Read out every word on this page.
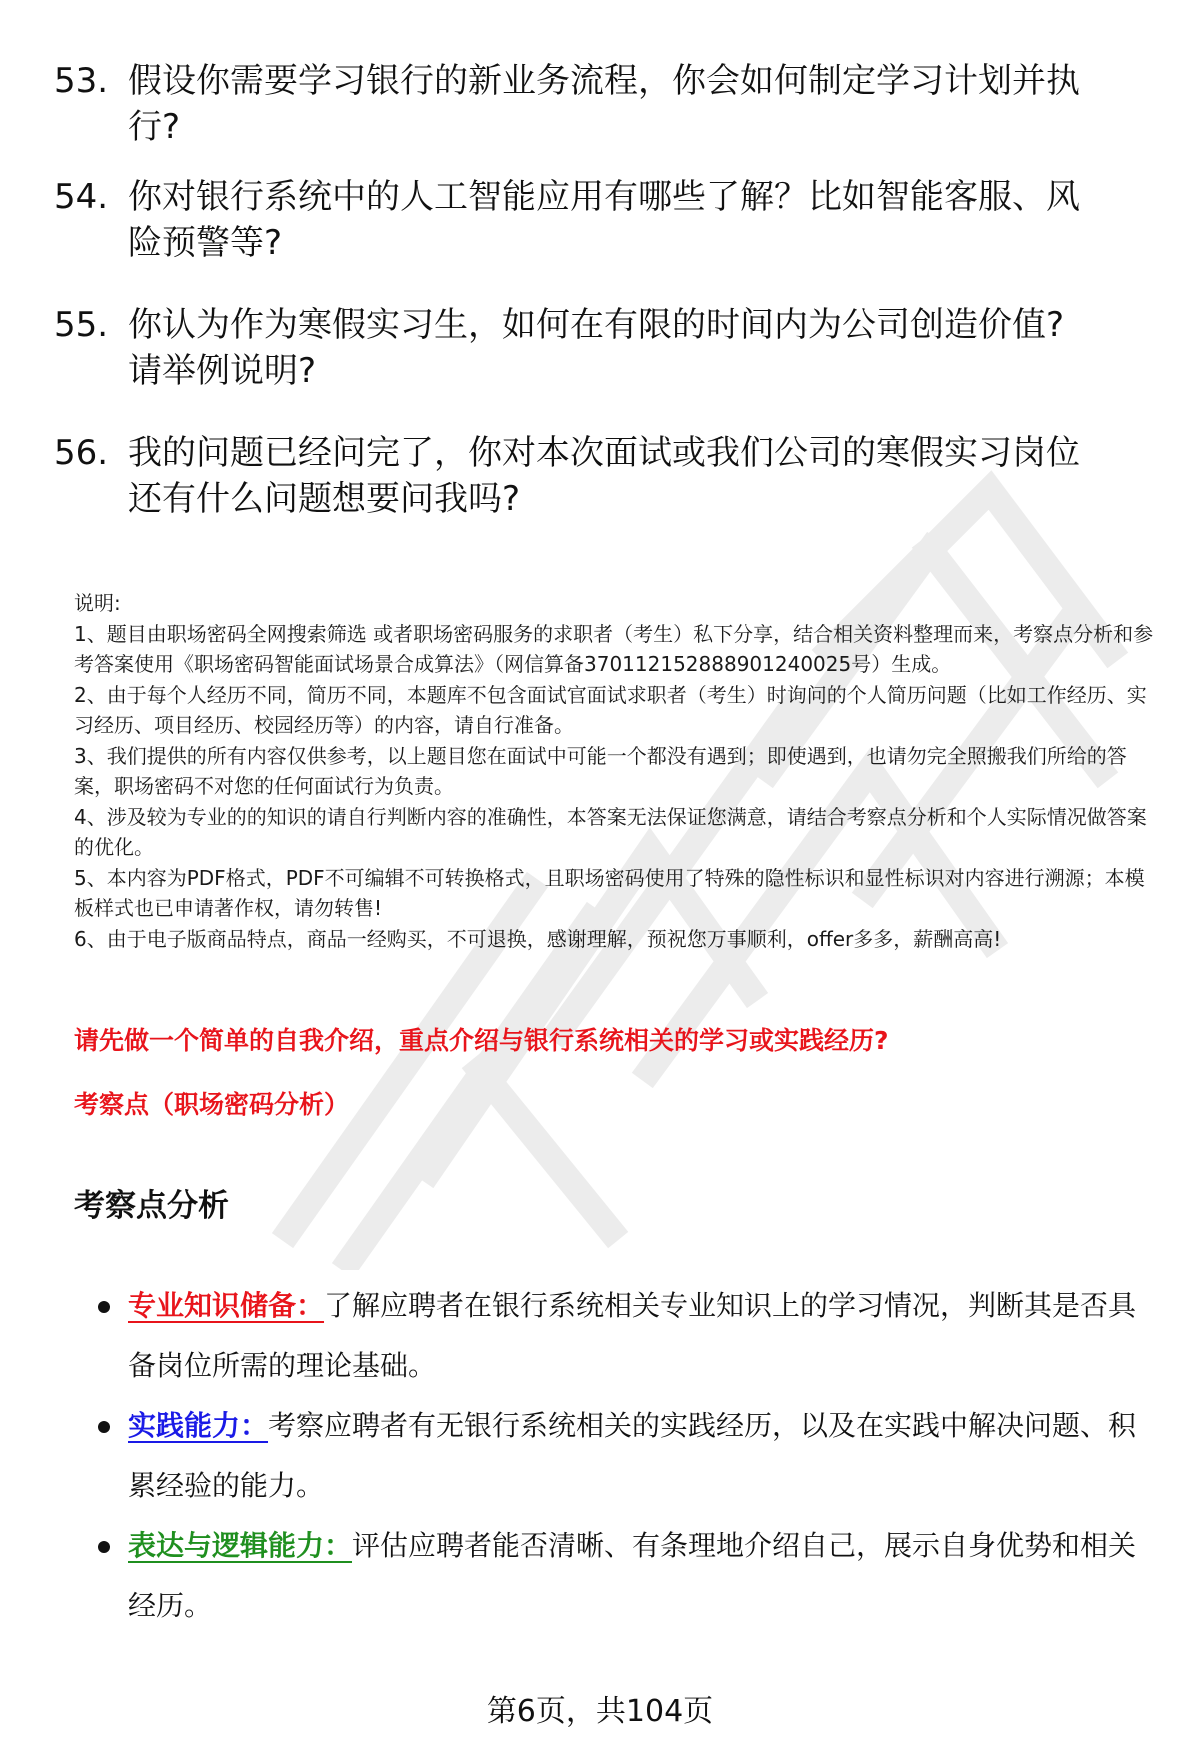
53. 假设你需要学习银行的新业务流程，你会如何制定学习计划并执
行?
54. 你对银行系统中的人工智能应用有哪些了解？比如智能客服、风
险预警等?
55. 你认为作为寒假实习生，如何在有限的时间内为公司创造价值?
请举例说明?
56. 我的问题已经问完了，你对本次面试或我们公司的寒假实习岗位
还有什么问题想要问我吗?

说明:

1、题目由职场密码全网搜索筛选 或者职场密码服务的求职者（考生）私下分享，结合相关资料整理而来，考察点分析和参考答案使用《职场密码智能面试场景合成算法》（网信算备370112152888901240025号）生成。

2、由于每个人经历不同，简历不同，本题库不包含面试官面试求职者（考生）时询问的个人简历问题（比如工作经历、实习经历、项目经历、校园经历等）的内容，请自行准备。

3、我们提供的所有内容仅供参考，以上题目您在面试中可能一个都没有遇到；即使遇到，也请勿完全照搬我们所给的答案，职场密码不对您的任何面试行为负责。

4、涉及较为专业的的知识的请自行判断内容的准确性，本答案无法保证您满意，请结合考察点分析和个人实际情况做答案的优化。

5、本内容为PDF格式，PDF不可编辑不可转换格式，且职场密码使用了特殊的隐性标识和显性标识对内容进行溯源；本模板样式也已申请著作权，请勿转售!

6、由于电子版商品特点，商品一经购买，不可退换，感谢理解，预祝您万事顺利，offer多多，薪酬高高!

请先做一个简单的自我介绍，重点介绍与银行系统相关的学习或实践经历?
考察点（职场密码分析）
考察点分析
专业知识储备：了解应聘者在银行系统相关专业知识上的学习情况，判断其是否具备岗位所需的理论基础。
实践能力：考察应聘者有无银行系统相关的实践经历，以及在实践中解决问题、积累经验的能力。
表达与逻辑能力：评估应聘者能否清晰、有条理地介绍自己，展示自身优势和相关经历。
第6页，共104页
